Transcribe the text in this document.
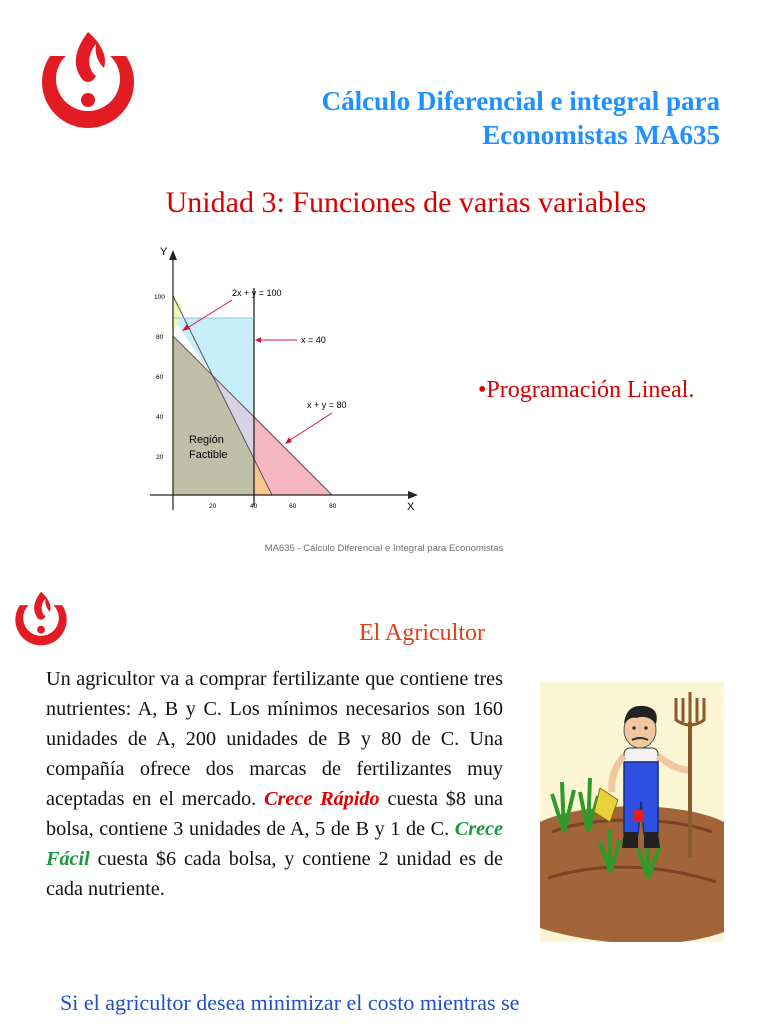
Cálculo Diferencial e integral para
Economistas MA635
Unidad 3: Funciones de varias variables
Y
X
100
80
60
40
20
20	40	60	80
2x + y = 100
x = 40
x + y = 80
Región
Factible
•Programación Lineal.
MA635 - Cálculo Diferencial e Integral para Economistas
El Agricultor
Un agricultor va a comprar fertilizante que contiene tres nutrientes: A, B y C. Los mínimos necesarios son 160 unidades de A, 200 unidades de B y 80 de C. Una compañía ofrece dos marcas de fertilizantes muy aceptadas en el mercado. Crece Rápido cuesta $8 una bolsa, contiene 3 unidades de A, 5 de B y 1 de C. Crece Fácil cuesta $6 cada bolsa, y contiene 2 unidad es de cada nutriente.
Si el agricultor desea minimizar el costo mientras se
